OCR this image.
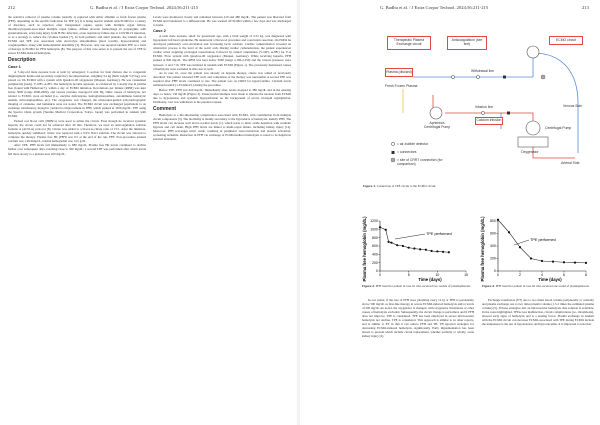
212	G. Budhu et al. / J Extra Corpor Technol. 2024;56:211-215

the selective removal of plasma volume (usually 1) replaced with either albumin or fresh frozen plasma (FFP), depending on the specific indication for TPE [2]. It is being used in tandem with ECMO for a variety of disorders, such as rejection after transplanted organs, sepsis with multiple organ failure, thrombocytopenia-associated multiple organ failure, diffuse alveolar hemorrhage in polyangiitis with granulomatosis, acute lung injury from H1N1 infection, acute respiratory failure due to COVID-19 infection, or as a strategy to reduce the cytokine burden [7]. In both pediatric and adult patients, the tandem use of ECMO and TPE was associated with electrolyte abnormalities (most notably, hypocalcemia) and coagulopathies, along with hemodynamic instability [3]. However, only one reported tandem TPE as a form of therapy in ECMO for PFO hemolysis [8]. The purpose of this case series is to present the use of TPE in severe ECMO-induced hemolysis.

Description
Case 1

A 7-day-old male neonate born at term by emergency C-section for fetal distress due to congenital diaphragmatic hernia and secondary respiratory decompensation, weighing 3.2 kg (birth weight 3.25 kg), was placed on VA ECMO with a system with Quadrox-iD oxygenator (Maquet, Germany). He was cannulated peripherally (neck). V-10Fr, A-8Fr. The hemolysis became apparent, as evidenced by a steady rise in plasma free (found with HemoCue®), within a day of ECMO initiation. Revolutions per minute (RPM) was kept below 3000 (range 2000-2600), and venous pressure averaged 0 mm Hg. Other causes of hemolysis, not related to ECMO, were excluded (i.e., enzyme deficiencies, hemoglobinopathies, autoimmune hemolytic anemia, microangiopathies, etc). The oxygenator was changed, the ultrasound-guided echocardiographic imaging of cannulae, and hematuria were not noted. The ECMO circuit was exchanged (equivalent to an exchange transfusion), though it yielded no improvement in PFH, which peaked at 1050 mg/dL. TPE using the Spectra Optia system (Terumo Medical Corporation, Tokyo, Japan) was performed in tandem with ECMO.

Packed red blood cells (PRBCs) were used to prime the circuit. Even though he received systemic heparin, the circuit could not be achieved after 40 min. Therefore, we used an anticoagulation solution formula A (ACD-A) protocol [6]. Citrate was added to a blood-to-citrate ratio of 15:1. After the initiation, hemolysis quickly stabilized; citrate was replaced with a 0.9% NaCl solution. The circuit was allowed to complete the therapy. Plasma free Hb (PFH) was 0.5 at the end of the run. FFP: Post-procedure ionized calcium was 1.26 mmol/L, normal hemoglobin was 12.5 g/dL.

After TPE, PFH levels fell immediately to 680 mg/dL. Plasma free Hb levels continued to decline further over subsequent days, reaching close to 500 mg/dL; a second TPE was performed after which levels fell more slowly to a plateau near 450 mg/dL.

Levels were monitored closely and remained between 210 and 480 mg/dL. The patient was liberated from ECMO and transferred to a different unit. He was weaned off ECMO within a few days and was discharged to home.

Case 2

A term male neonate, small for gestational age, with a birth weight of 2.52 kg, was diagnosed with hypoplastic left heart syndrome. He underwent a Norwood procedure and coarctation resection. On POD4 he developed pulmonary over-circulation and worsening lactic acidosis. Cardiac catheterization revealed an obstructive process at the level of the aortic arch. During cardiac catheterization, the patient experienced cardiac arrest requiring prolonged resuscitation, followed by central cannulation (V-16Fr, A-8Fr) for V-A ECMO. Flow system with Quadrox-iD oxygenator (Maquet, Germany). While receiving heparin, PFH peaked at 820 mg/dL. The RPM was kept below 3000 (range 2,190-2,250) and the venous pressures were between -5 and +10. TPE was initiated in tandem with ECMO (Figure 1). The previously mentioned causes of hemolysis were excluded in this case as well.

As in case #1, once the patient was already on heparin therapy, citrate was added as previously described. The patient tolerated TPE well, and completion of the therapy was uneventful. A second TPE was required after PFH levels continued to rise. The patient was on CRRT for hypervolemia. Calcium levels remained normal (1.33 mmol/L) during the procedure.

Before TPE, PFH was 620 mg/dL. Immediately after, levels dropped to 380 mg/dL and in the ensuing days, to below 130 mg/dL (Figure 3). Unsuccessful attempts were made to liberate the neonate from ECMO due to hypotension and systemic hypoperfusion on the background of severe tricuspid regurgitation. Ultimately, care was withdrawn at the parental request.

Comment

Hemolysis is a life-threatening complication associated with ECMO, with contribution from multiple circuit components [3]. The morbidity is mainly secondary to the byproducts of hemolysis, namely PFH. The PFH levels can increase well above normal levels [1], which leads to nitric oxide depletion with resultant hypoxia and cell death. High PFH levels are linked to multi-organ failure, including kidney injury [12]. Moreover, PFH scavenges nitric oxide, resulting in peripheral vasoconstriction and platelet activation, worsening ischemia. Reduction in PFH via exchange of ECMO-induced hemolysis is noted to be helpful in selected situations.

G. Budhu et al. / J Extra Corpor Technol. 2024;56:211-215	213
Therapeutic Plasma Exchange circuit
Anticoagulation (see text)
ECMO circuit
Withdrawal line
Plasma (discard)
Fresh Frozen Plasma
Infusion line
Apheresis Centrifugal Pump
Calcium infusion
Venous Side
Centrifugal Pump
Oxygenator
Arterial Side
= air-bubble detector
= connectors
= site of CRRT connection (for comparison)
Figure 1. Connection of TPE circuit to the ECMO circuit.
Plasma free hemoglobin (mg/dL)	Time (days)
TPE performed
0
200
400
600
800
1000
1200
0	5	10	15
Figure 2. PFH trend for patient in case #1 who received two rounds of plasmapheresis.
Plasma free hemoglobin (mg/dL)	Time (days)
TPE performed
0
200
400
600
800
0	2	4	6	8
Figure 3. PFH trend for patient in case #2 who received one round of plasmapheresis.

In our center, if the rate of PFH rises (doubling every 12 h) or PFH is persistently above 500 mg/dL as first-line therapy in severe ECMO-induced hemolysis and/or levels of 500 mg/dL are noted, the oxygenator is changed, with oxygenator thrombosis or other causes of hemolysis excluded. Subsequently, the circuit change is performed, and if PFH does not improve, TPE is considered. TPE has been employed in severe intravascular hemolysis not decline. TPE is considered. This approach is similar to in other reports, and is similar to ET in that it can reduce PFH and TB. TB reported strategies for decreasing ECMO-induced hemolysis, significantly. Early implementation has been shown to prevent which include circuit replacement, whether partially or wholly, acute kidney injury [2].

Exchange transfusion (ET) one to two times blood volume peripherally or centrally and plasma exchange one to two times plasma volume (1.5-2 times the estimated plasma volume) [5]. If these strategies fail, an intravascular hemolysis date solution is available. In the cases highlighted, TPEaccess malfunction, circuit complications (i.e., thrombosis), showed early signs of hemolysis and is a leading factor. Plasma exchange in tandem with the ECMO circuit can decrease ECMO-associated with TPE during ECMO include the uniqueness is the use of hypotension, and hypocalcemia. It is important to note that
